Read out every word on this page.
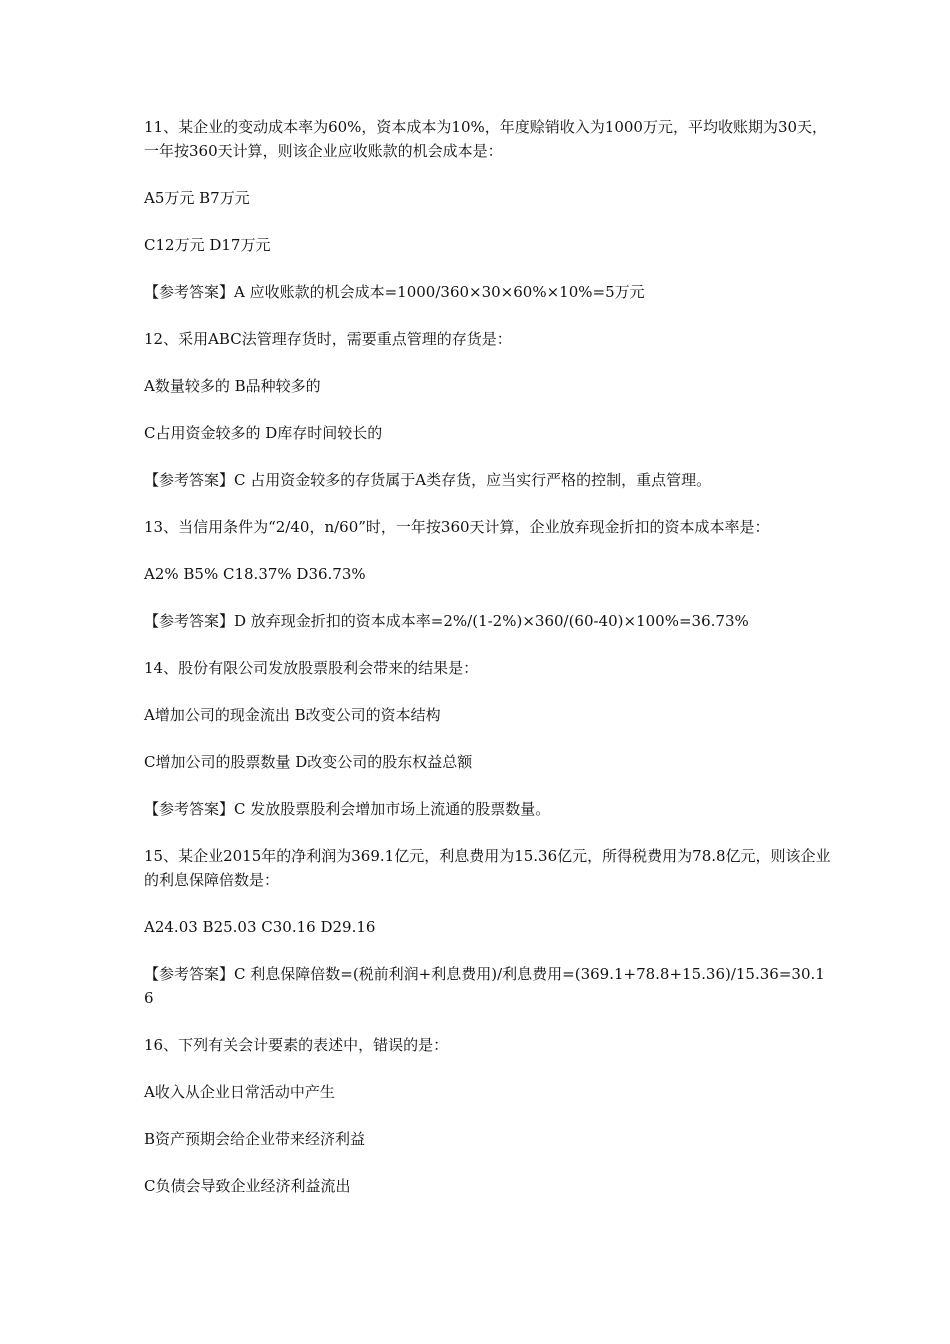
11、某企业的变动成本率为60%，资本成本为10%，年度赊销收入为1000万元，平均收账期为30天，一年按360天计算，则该企业应收账款的机会成本是：

A5万元 B7万元

C12万元 D17万元

【参考答案】A 应收账款的机会成本=1000/360×30×60%×10%=5万元

12、采用ABC法管理存货时，需要重点管理的存货是：

A数量较多的 B品种较多的

C占用资金较多的 D库存时间较长的

【参考答案】C 占用资金较多的存货属于A类存货，应当实行严格的控制，重点管理。

13、当信用条件为“2/40，n/60”时，一年按360天计算，企业放弃现金折扣的资本成本率是：

A2% B5% C18.37% D36.73%

【参考答案】D 放弃现金折扣的资本成本率=2%/(1-2%)×360/(60-40)×100%=36.73%

14、股份有限公司发放股票股利会带来的结果是：

A增加公司的现金流出 B改变公司的资本结构

C增加公司的股票数量 D改变公司的股东权益总额

【参考答案】C 发放股票股利会增加市场上流通的股票数量。

15、某企业2015年的净利润为369.1亿元，利息费用为15.36亿元，所得税费用为78.8亿元，则该企业的利息保障倍数是：

A24.03 B25.03 C30.16 D29.16

【参考答案】C 利息保障倍数=(税前利润+利息费用)/利息费用=(369.1+78.8+15.36)/15.36=30.16

16、下列有关会计要素的表述中，错误的是：

A收入从企业日常活动中产生

B资产预期会给企业带来经济利益

C负债会导致企业经济利益流出
